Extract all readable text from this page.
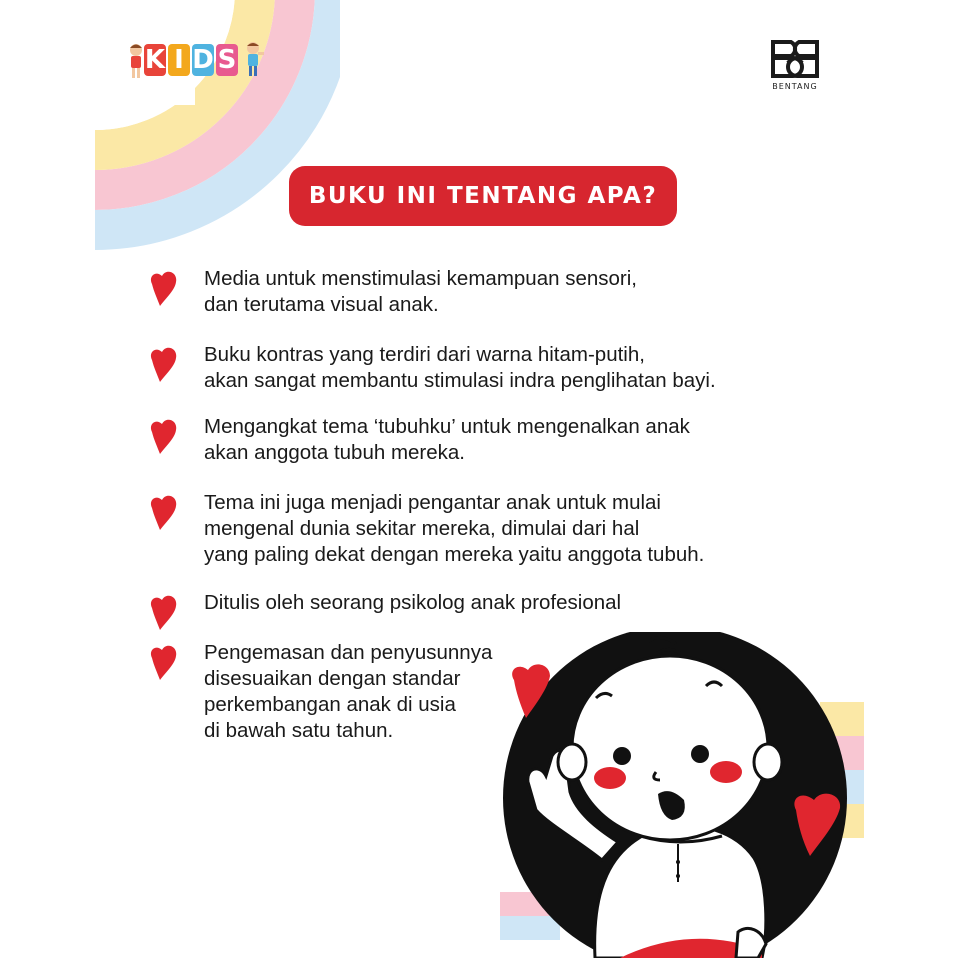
K I D S
BENTANG
BUKU INI TENTANG APA?
Media untuk menstimulasi kemampuan sensori,
dan terutama visual anak.
Buku kontras yang terdiri dari warna hitam-putih,
akan sangat membantu stimulasi indra penglihatan bayi.
Mengangkat tema ‘tubuhku’ untuk mengenalkan anak
akan anggota tubuh mereka.
Tema ini juga menjadi pengantar anak untuk mulai
mengenal dunia sekitar mereka, dimulai dari hal
yang paling dekat dengan mereka yaitu anggota tubuh.
Ditulis oleh seorang psikolog anak profesional
Pengemasan dan penyusunnya
disesuaikan dengan standar
perkembangan anak di usia
di bawah satu tahun.
